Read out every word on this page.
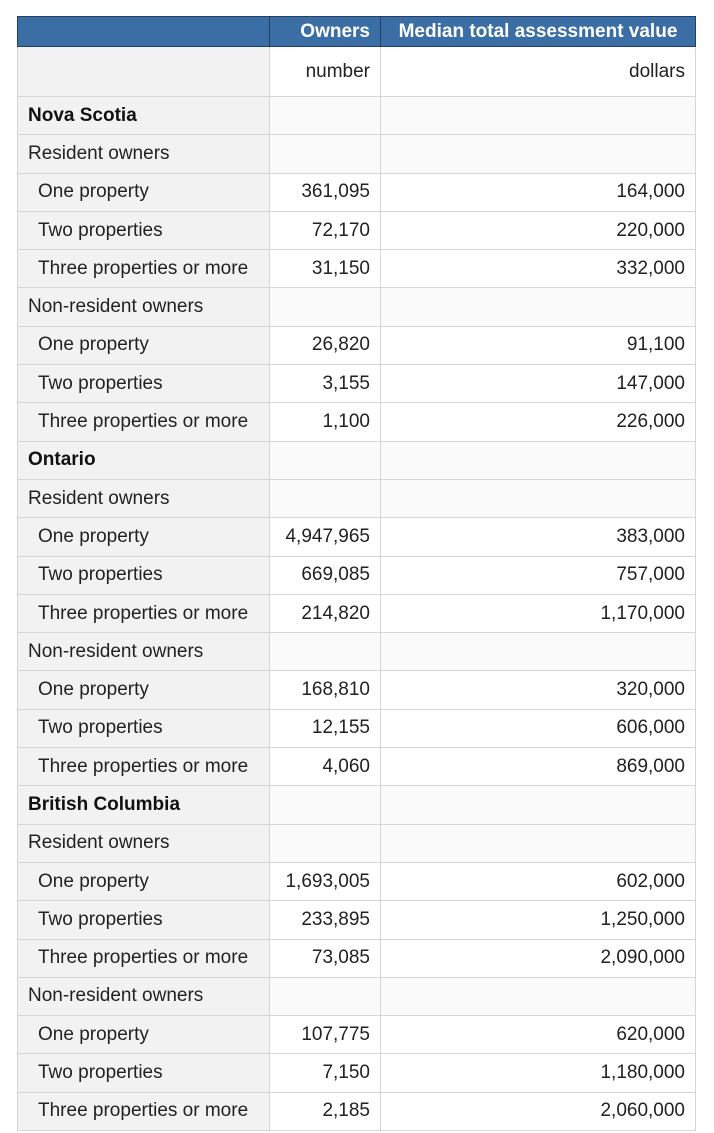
	Owners	Median total assessment value
	number	dollars
Nova Scotia		
Resident owners		
One property	361,095	164,000
Two properties	72,170	220,000
Three properties or more	31,150	332,000
Non-resident owners		
One property	26,820	91,100
Two properties	3,155	147,000
Three properties or more	1,100	226,000
Ontario		
Resident owners		
One property	4,947,965	383,000
Two properties	669,085	757,000
Three properties or more	214,820	1,170,000
Non-resident owners		
One property	168,810	320,000
Two properties	12,155	606,000
Three properties or more	4,060	869,000
British Columbia		
Resident owners		
One property	1,693,005	602,000
Two properties	233,895	1,250,000
Three properties or more	73,085	2,090,000
Non-resident owners		
One property	107,775	620,000
Two properties	7,150	1,180,000
Three properties or more	2,185	2,060,000
